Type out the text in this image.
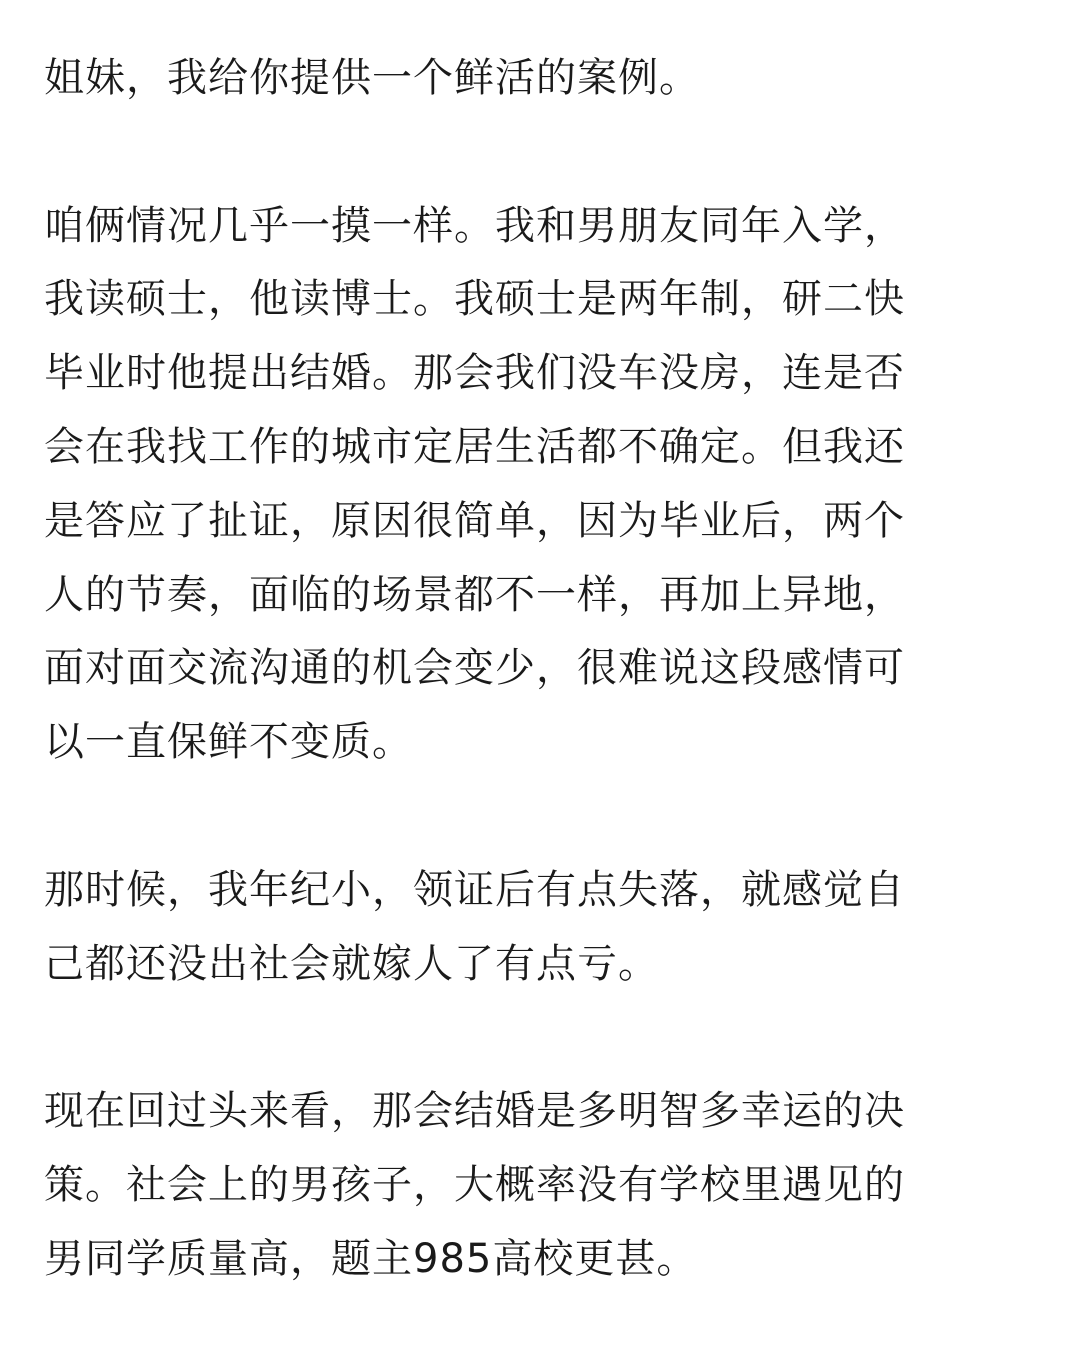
姐妹，我给你提供一个鲜活的案例。

咱俩情况几乎一摸一样。我和男朋友同年入学，
我读硕士，他读博士。我硕士是两年制，研二快
毕业时他提出结婚。那会我们没车没房，连是否
会在我找工作的城市定居生活都不确定。但我还
是答应了扯证，原因很简单，因为毕业后，两个
人的节奏，面临的场景都不一样，再加上异地，
面对面交流沟通的机会变少，很难说这段感情可
以一直保鲜不变质。

那时候，我年纪小，领证后有点失落，就感觉自
己都还没出社会就嫁人了有点亏。

现在回过头来看，那会结婚是多明智多幸运的决
策。社会上的男孩子，大概率没有学校里遇见的
男同学质量高，题主985高校更甚。
